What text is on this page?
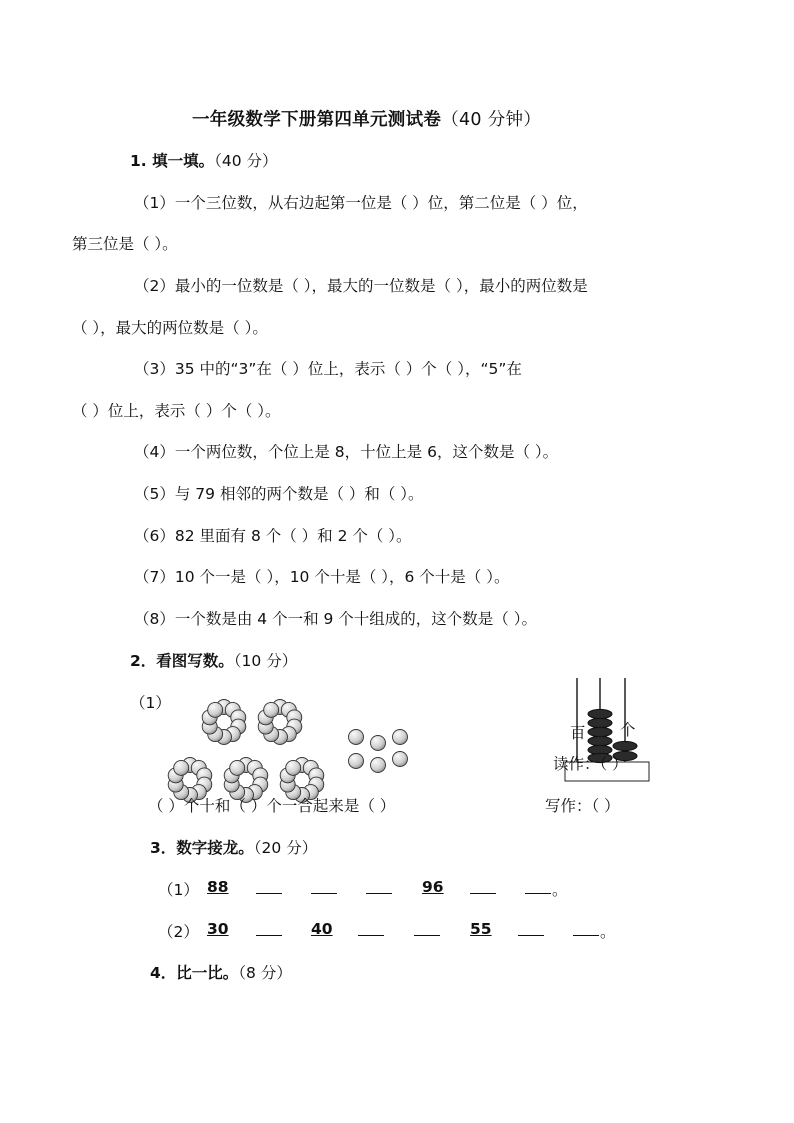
一年级数学下册第四单元测试卷（40 分钟）
1. 填一填。（40 分）
（1）一个三位数，从右边起第一位是（ ）位，第二位是（ ）位，
第三位是（ ）。
（2）最小的一位数是（ ），最大的一位数是（ ），最小的两位数是
（ ），最大的两位数是（ ）。
（3）35 中的“3”在（ ）位上，表示（ ）个（ ），“5”在
（ ）位上，表示（ ）个（ ）。
（4）一个两位数，个位上是 8，十位上是 6，这个数是（ ）。
（5）与 79 相邻的两个数是（ ）和（ ）。
（6）82 里面有 8 个（ ）和 2 个（ ）。
（7）10 个一是（ ），10 个十是（ ），6 个十是（ ）。
（8）一个数是由 4 个一和 9 个十组成的，这个数是（ ）。
2．看图写数。（10 分）
（1）
（ ）个十和（ ）个一合起来是（ ）
百 个
读作：（ ）
写作：（ ）
3．数字接龙。（20 分）
（1） 88	96	。
（2） 30	40	55	。
4．比一比。（8 分）
